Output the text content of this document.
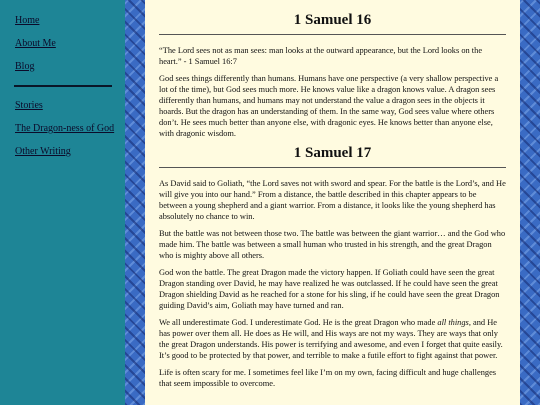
Home
About Me
Blog
Stories
The Dragon-ness of God
Other Writing
1 Samuel 16

“The Lord sees not as man sees: man looks at the outward appearance, but the Lord looks on the heart.” - 1 Samuel 16:7

God sees things differently than humans. Humans have one perspective (a very shallow perspective a lot of the time), but God sees much more. He knows value like a dragon knows value. A dragon sees differently than humans, and humans may not understand the value a dragon sees in the objects it hoards. But the dragon has an understanding of them. In the same way, God sees value where others don’t. He sees much better than anyone else, with dragonic eyes. He knows better than anyone else, with dragonic wisdom.

1 Samuel 17

As David said to Goliath, “the Lord saves not with sword and spear. For the battle is the Lord’s, and He will give you into our hand.” From a distance, the battle described in this chapter appears to be between a young shepherd and a giant warrior. From a distance, it looks like the young shepherd has absolutely no chance to win.

But the battle was not between those two. The battle was between the giant warrior… and the God who made him. The battle was between a small human who trusted in his strength, and the great Dragon who is mighty above all others.

God won the battle. The great Dragon made the victory happen. If Goliath could have seen the great Dragon standing over David, he may have realized he was outclassed. If he could have seen the great Dragon shielding David as he reached for a stone for his sling, if he could have seen the great Dragon guiding David’s aim, Goliath may have turned and ran.

We all underestimate God. I underestimate God. He is the great Dragon who made all things, and He has power over them all. He does as He will, and His ways are not my ways. They are ways that only the great Dragon understands. His power is terrifying and awesome, and even I forget that quite easily. It’s good to be protected by that power, and terrible to make a futile effort to fight against that power.

Life is often scary for me. I sometimes feel like I’m on my own, facing difficult and huge challenges that seem impossible to overcome.
